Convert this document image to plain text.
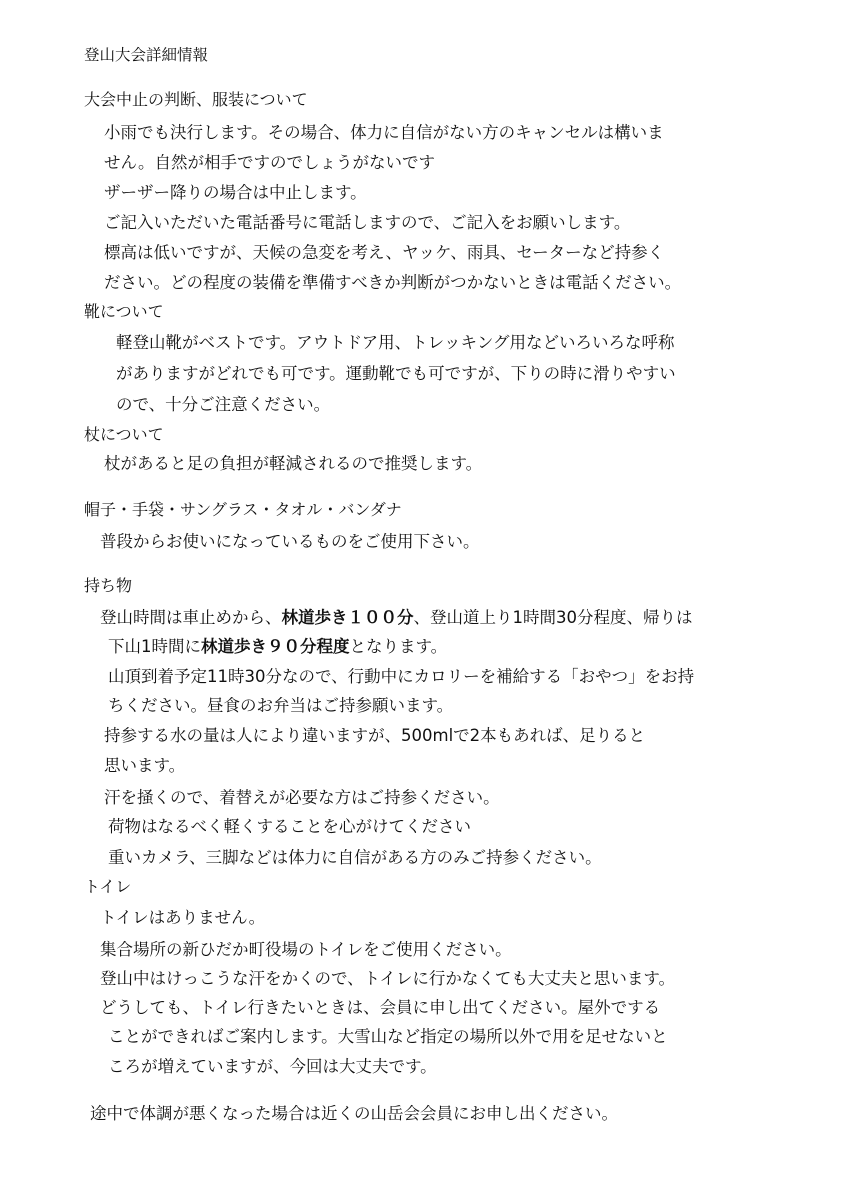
登山大会詳細情報
大会中止の判断、服装について
小雨でも決行します。その場合、体力に自信がない方のキャンセルは構いま
せん。自然が相手ですのでしょうがないです
ザーザー降りの場合は中止します。
ご記入いただいた電話番号に電話しますので、ご記入をお願いします。
標高は低いですが、天候の急変を考え、ヤッケ、雨具、セーターなど持参く
ださい。どの程度の装備を準備すべきか判断がつかないときは電話ください。
靴について
軽登山靴がベストです。アウトドア用、トレッキング用などいろいろな呼称
がありますがどれでも可です。運動靴でも可ですが、下りの時に滑りやすい
ので、十分ご注意ください。
杖について
杖があると足の負担が軽減されるので推奨します。
帽子・手袋・サングラス・タオル・バンダナ
普段からお使いになっているものをご使用下さい。
持ち物
登山時間は車止めから、林道歩き１００分、登山道上り1時間30分程度、帰りは
下山1時間に林道歩き９０分程度となります。
山頂到着予定11時30分なので、行動中にカロリーを補給する「おやつ」をお持
ちください。昼食のお弁当はご持参願います。
持参する水の量は人により違いますが、500mlで2本もあれば、足りると
思います。
汗を掻くので、着替えが必要な方はご持参ください。
荷物はなるべく軽くすることを心がけてください
重いカメラ、三脚などは体力に自信がある方のみご持参ください。
トイレ
トイレはありません。
集合場所の新ひだか町役場のトイレをご使用ください。
登山中はけっこうな汗をかくので、トイレに行かなくても大丈夫と思います。
どうしても、トイレ行きたいときは、会員に申し出てください。屋外でする
ことができればご案内します。大雪山など指定の場所以外で用を足せないと
ころが増えていますが、今回は大丈夫です。
途中で体調が悪くなった場合は近くの山岳会会員にお申し出ください。
